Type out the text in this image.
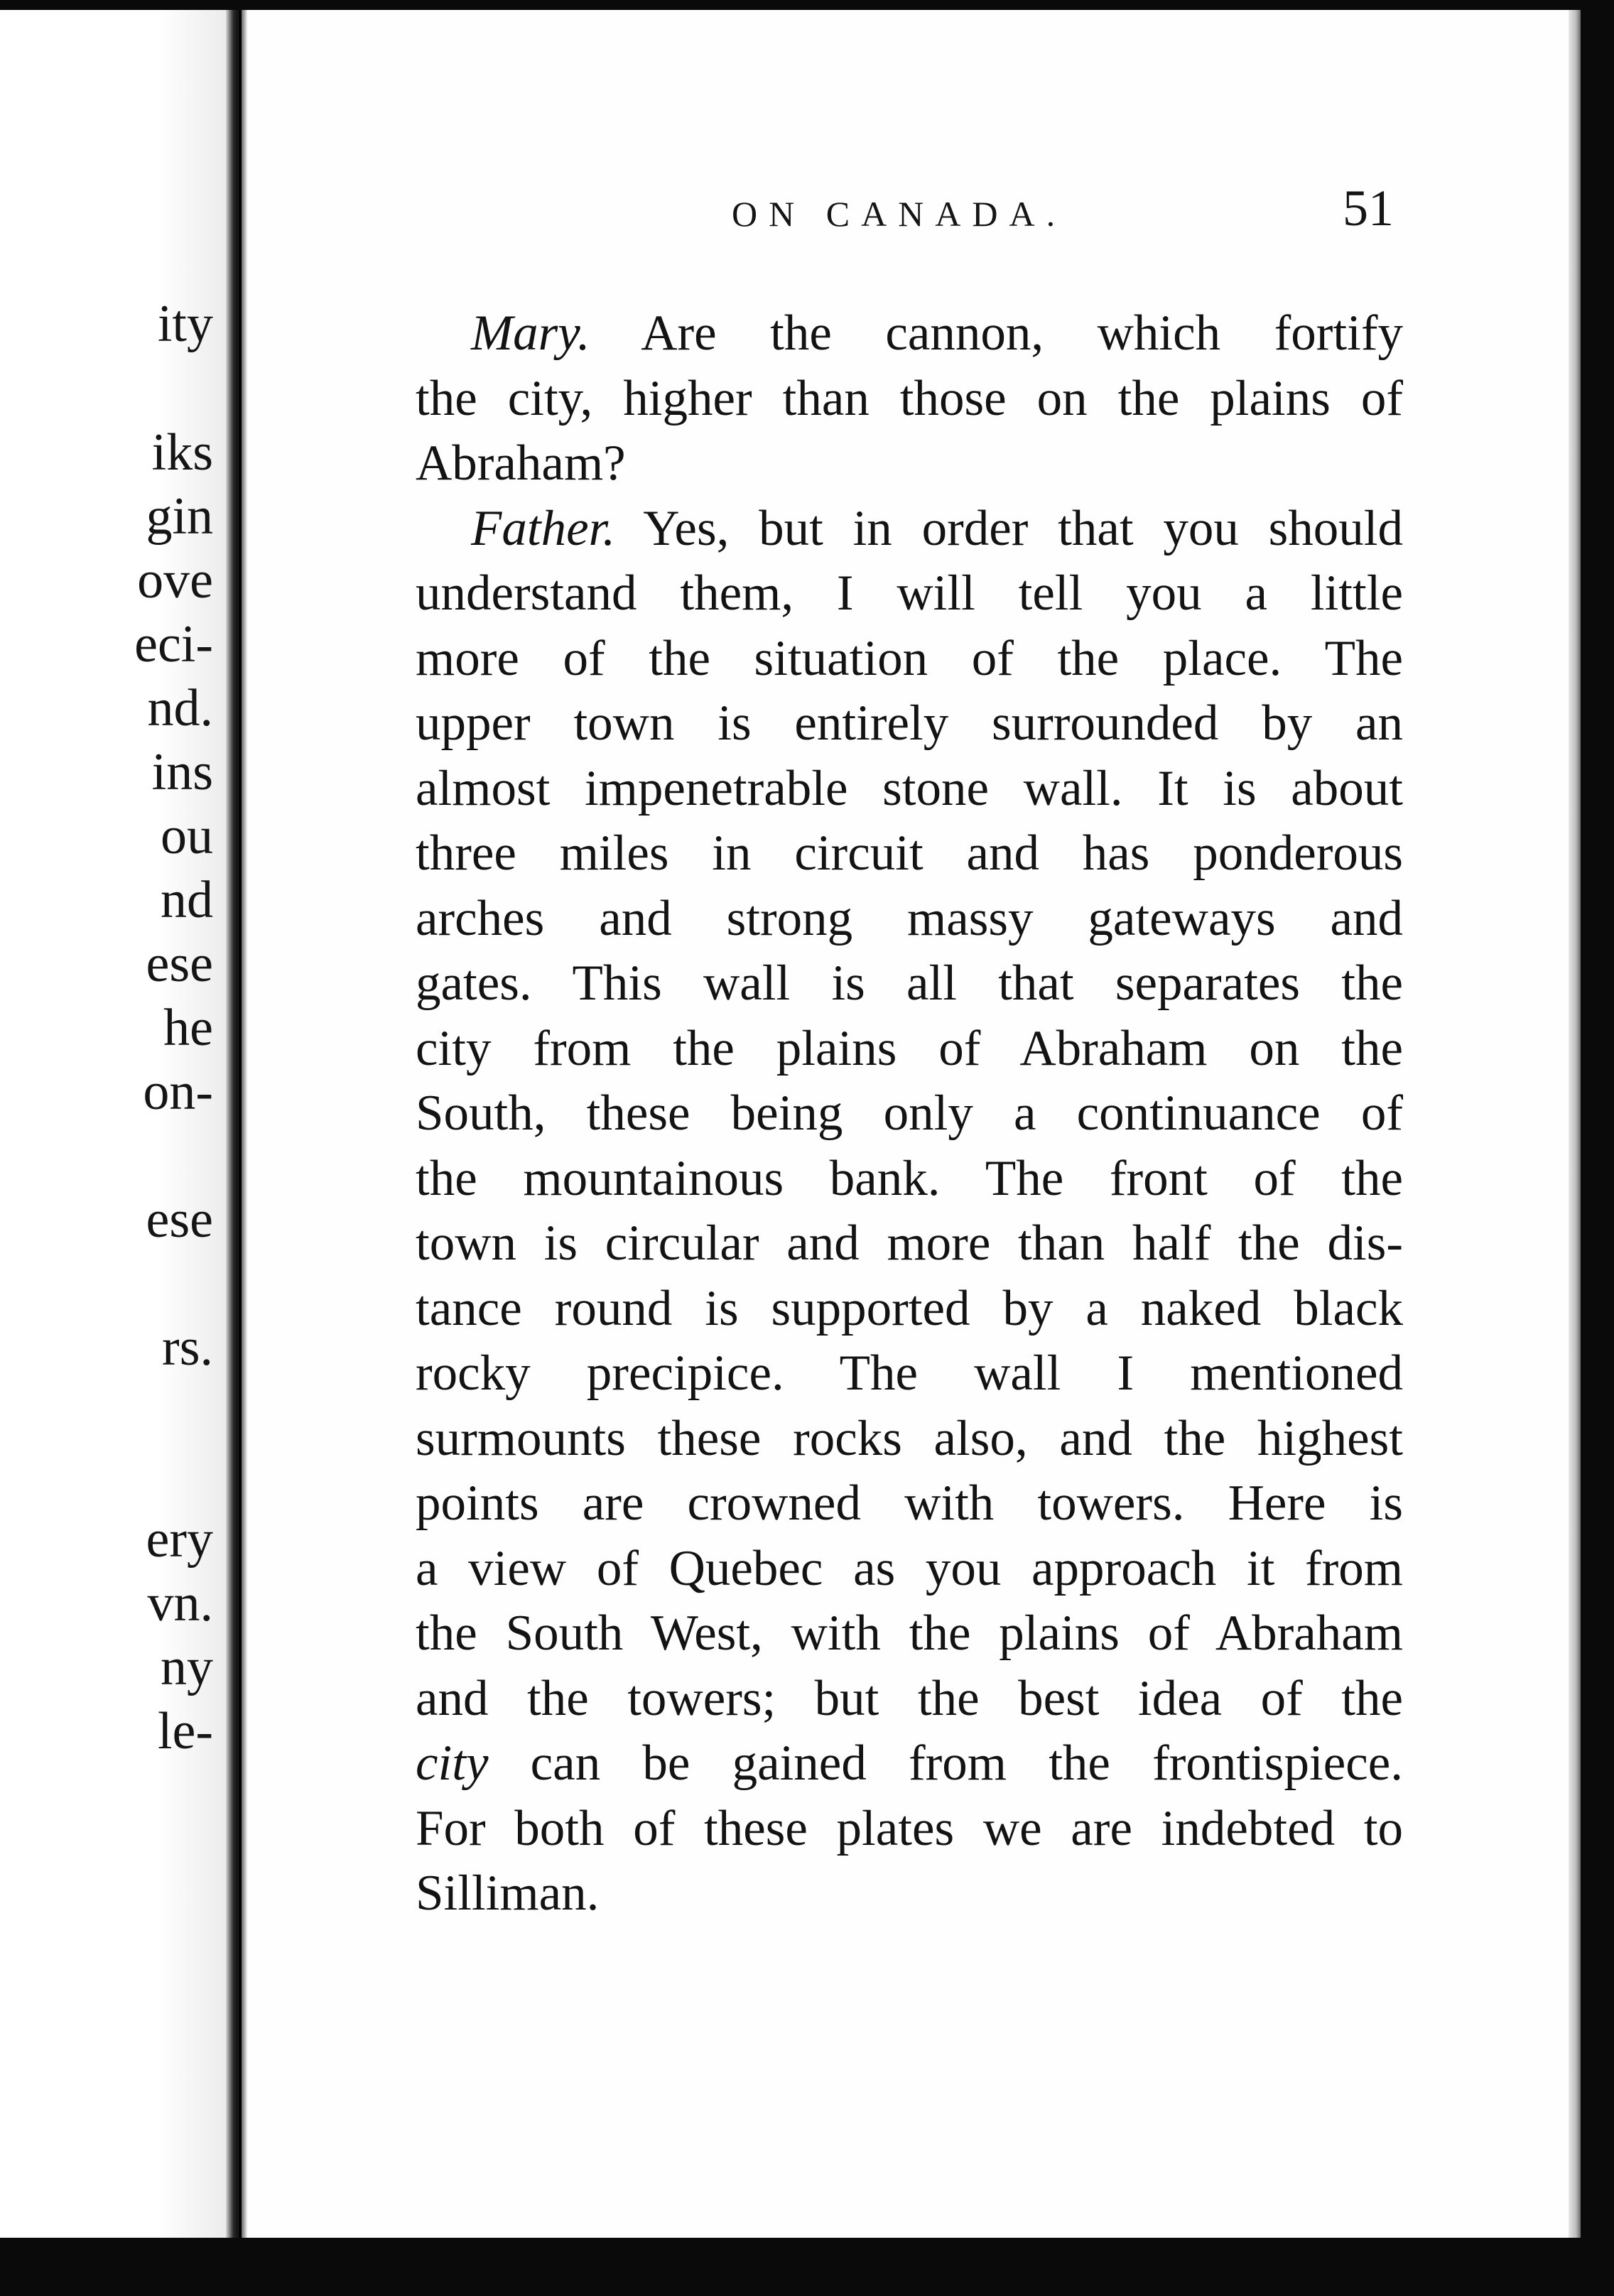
ity
iks
gin
ove
eci-
nd.
ins
ou
nd
ese
he
on-
ese
rs.
ery
vn.
ny
le-
ON CANADA.	51
Mary. Are the cannon, which fortify
the city, higher than those on the plains of
Abraham?
Father. Yes, but in order that you should
understand them, I will tell you a little
more of the situation of the place. The
upper town is entirely surrounded by an
almost impenetrable stone wall. It is about
three miles in circuit and has ponderous
arches and strong massy gateways and
gates. This wall is all that separates the
city from the plains of Abraham on the
South, these being only a continuance of
the mountainous bank. The front of the
town is circular and more than half the dis-
tance round is supported by a naked black
rocky precipice. The wall I mentioned
surmounts these rocks also, and the highest
points are crowned with towers. Here is
a view of Quebec as you approach it from
the South West, with the plains of Abraham
and the towers; but the best idea of the
city can be gained from the frontispiece.
For both of these plates we are indebted to
Silliman.
